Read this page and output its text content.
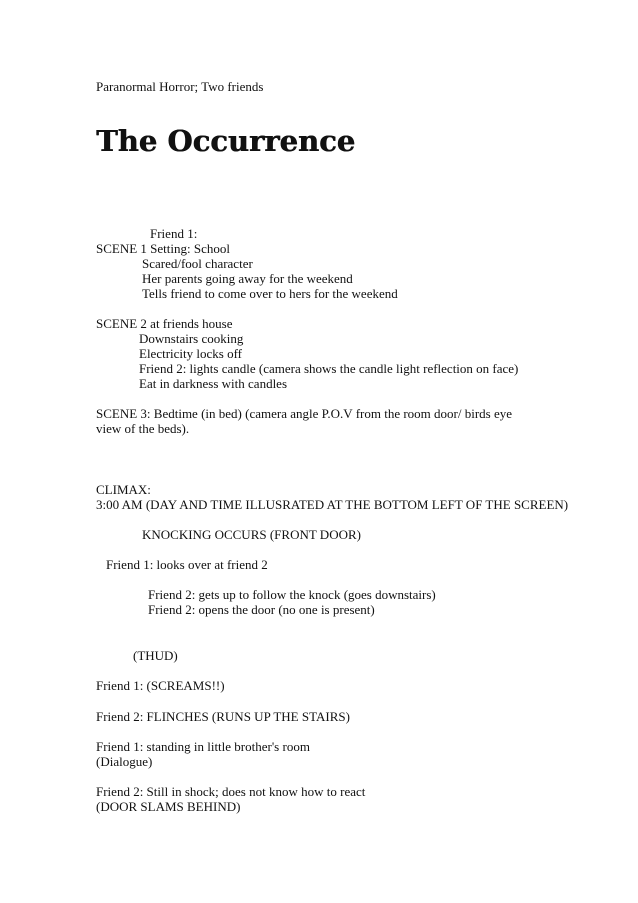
Paranormal Horror; Two friends
The Occurrence
Friend 1:
SCENE 1 Setting: School
Scared/fool character
Her parents going away for the weekend
Tells friend to come over to hers for the weekend
SCENE 2 at friends house
Downstairs cooking
Electricity locks off
Friend 2: lights candle (camera shows the candle light reflection on face)
Eat in darkness with candles
SCENE 3: Bedtime (in bed) (camera angle P.O.V from the room door/ birds eye
view of the beds).
CLIMAX:
3:00 AM (DAY AND TIME ILLUSRATED AT THE BOTTOM LEFT OF THE SCREEN)
KNOCKING OCCURS (FRONT DOOR)
Friend 1: looks over at friend 2
Friend 2: gets up to follow the knock (goes downstairs)
Friend 2: opens the door (no one is present)
(THUD)
Friend 1: (SCREAMS!!)
Friend 2: FLINCHES (RUNS UP THE STAIRS)
Friend 1: standing in little brother's room
(Dialogue)
Friend 2: Still in shock; does not know how to react
(DOOR SLAMS BEHIND)
